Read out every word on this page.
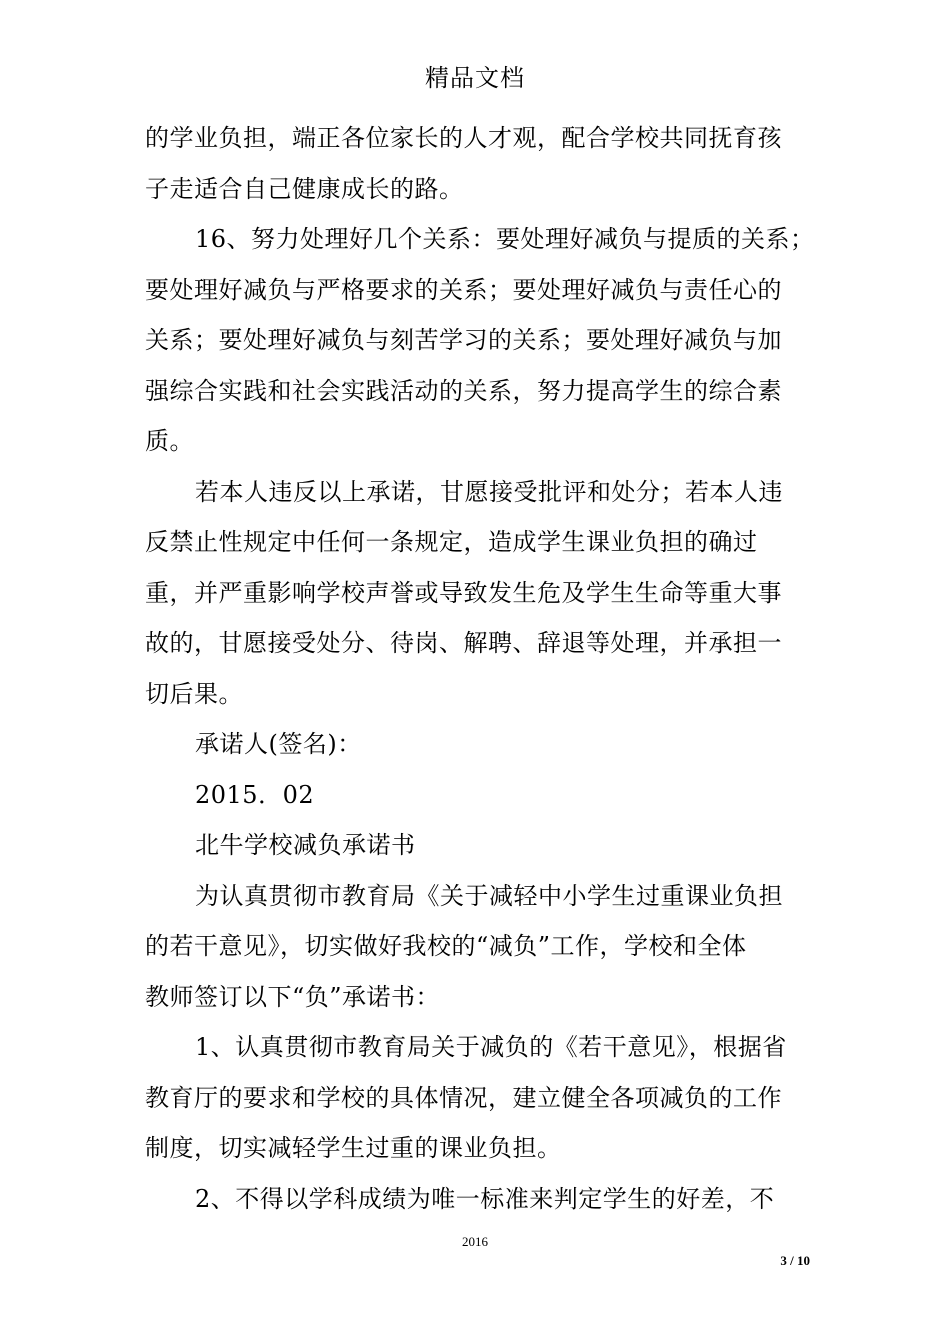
精品文档

的学业负担，端正各位家长的人才观，配合学校共同抚育孩

子走适合自己健康成长的路。

16、努力处理好几个关系：要处理好减负与提质的关系；

要处理好减负与严格要求的关系；要处理好减负与责任心的

关系；要处理好减负与刻苦学习的关系；要处理好减负与加

强综合实践和社会实践活动的关系，努力提高学生的综合素

质。

若本人违反以上承诺，甘愿接受批评和处分；若本人违

反禁止性规定中任何一条规定，造成学生课业负担的确过

重，并严重影响学校声誉或导致发生危及学生生命等重大事

故的，甘愿接受处分、待岗、解聘、辞退等处理，并承担一

切后果。

承诺人(签名)：

2015．02

北牛学校减负承诺书

为认真贯彻市教育局《关于减轻中小学生过重课业负担

的若干意见》，切实做好我校的“减负”工作，学校和全体

教师签订以下“负”承诺书：

1、认真贯彻市教育局关于减负的《若干意见》，根据省

教育厅的要求和学校的具体情况，建立健全各项减负的工作

制度，切实减轻学生过重的课业负担。

2、不得以学科成绩为唯一标准来判定学生的好差，不

2016
3 / 10
